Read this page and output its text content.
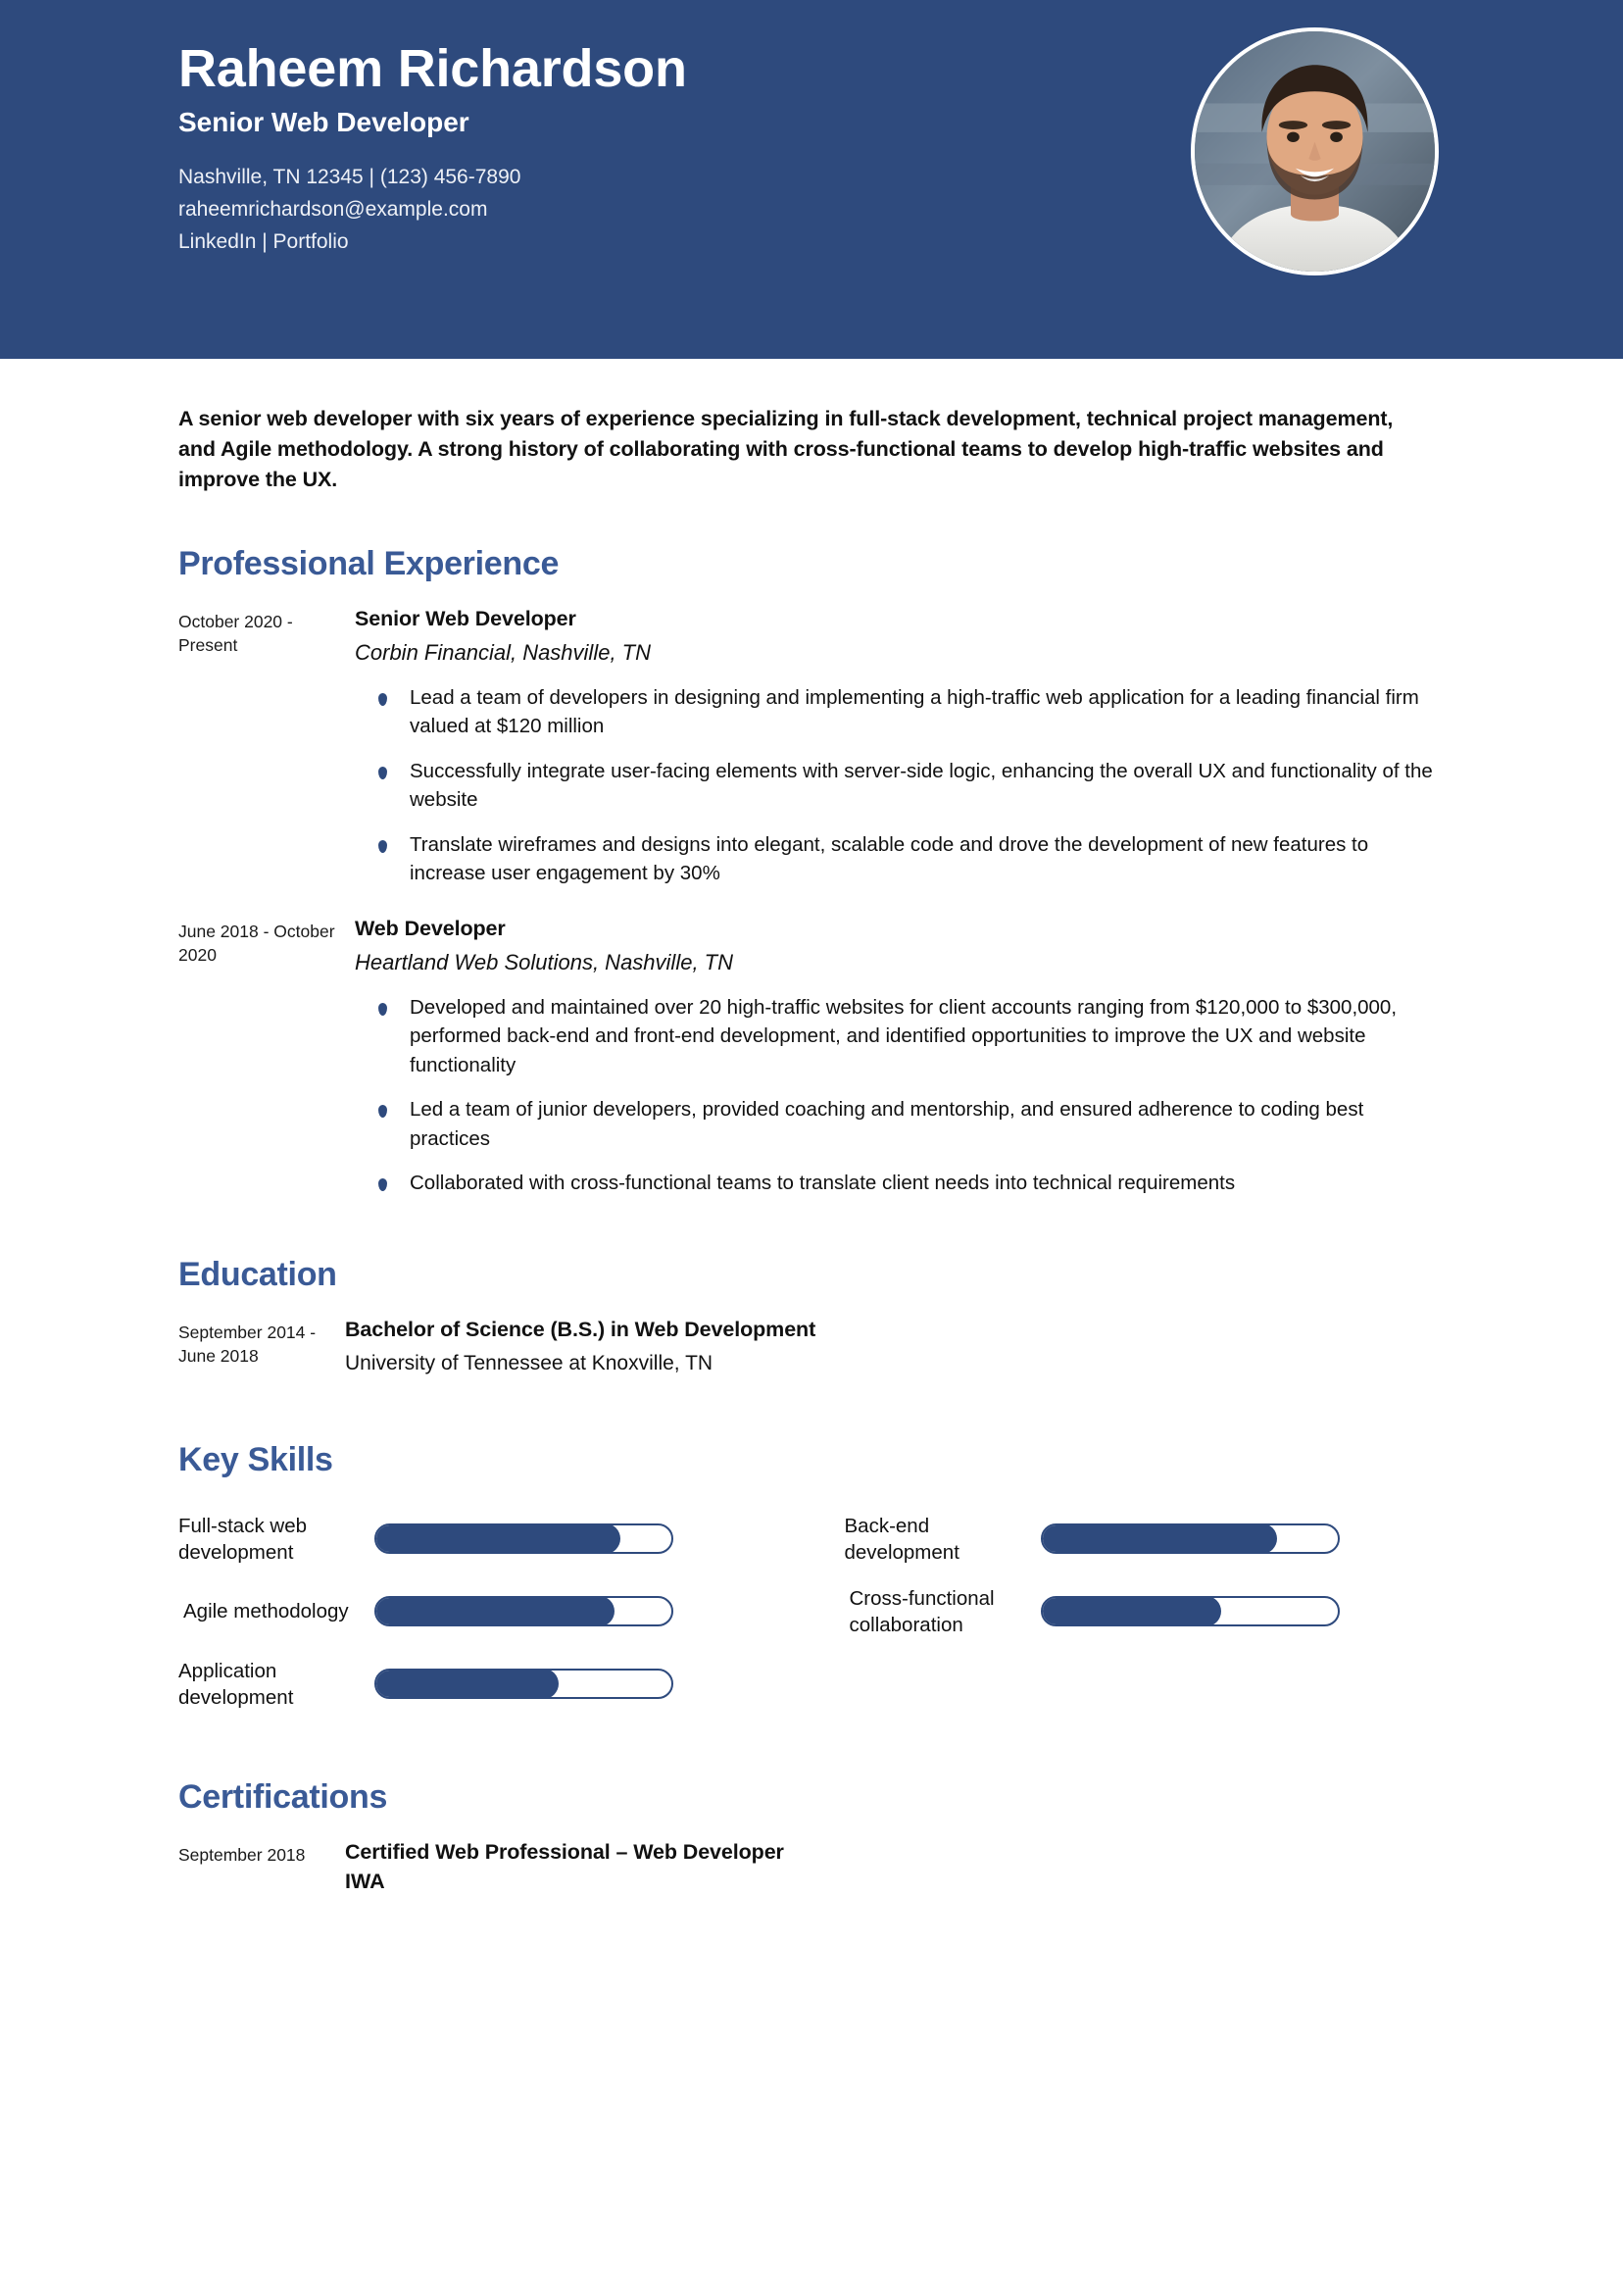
Raheem Richardson
Senior Web Developer
Nashville, TN 12345 | (123) 456-7890
raheemrichardson@example.com
LinkedIn | Portfolio

A senior web developer with six years of experience specializing in full-stack development, technical project management, and Agile methodology. A strong history of collaborating with cross-functional teams to develop high-traffic websites and improve the UX.

Professional Experience
October 2020 - Present
Senior Web Developer
Corbin Financial, Nashville, TN
Lead a team of developers in designing and implementing a high-traffic web application for a leading financial firm valued at $120 million
Successfully integrate user-facing elements with server-side logic, enhancing the overall UX and functionality of the website
Translate wireframes and designs into elegant, scalable code and drove the development of new features to increase user engagement by 30%
June 2018 - October 2020
Web Developer
Heartland Web Solutions, Nashville, TN
Developed and maintained over 20 high-traffic websites for client accounts ranging from $120,000 to $300,000, performed back-end and front-end development, and identified opportunities to improve the UX and website functionality
Led a team of junior developers, provided coaching and mentorship, and ensured adherence to coding best practices
Collaborated with cross-functional teams to translate client needs into technical requirements
Education
September 2014 - June 2018
Bachelor of Science (B.S.) in Web Development
University of Tennessee at Knoxville, TN
Key Skills
Full-stack web development
Back-end development
Agile methodology
Cross-functional collaboration
Application development
Certifications
September 2018	Certified Web Professional – Web Developer
IWA
